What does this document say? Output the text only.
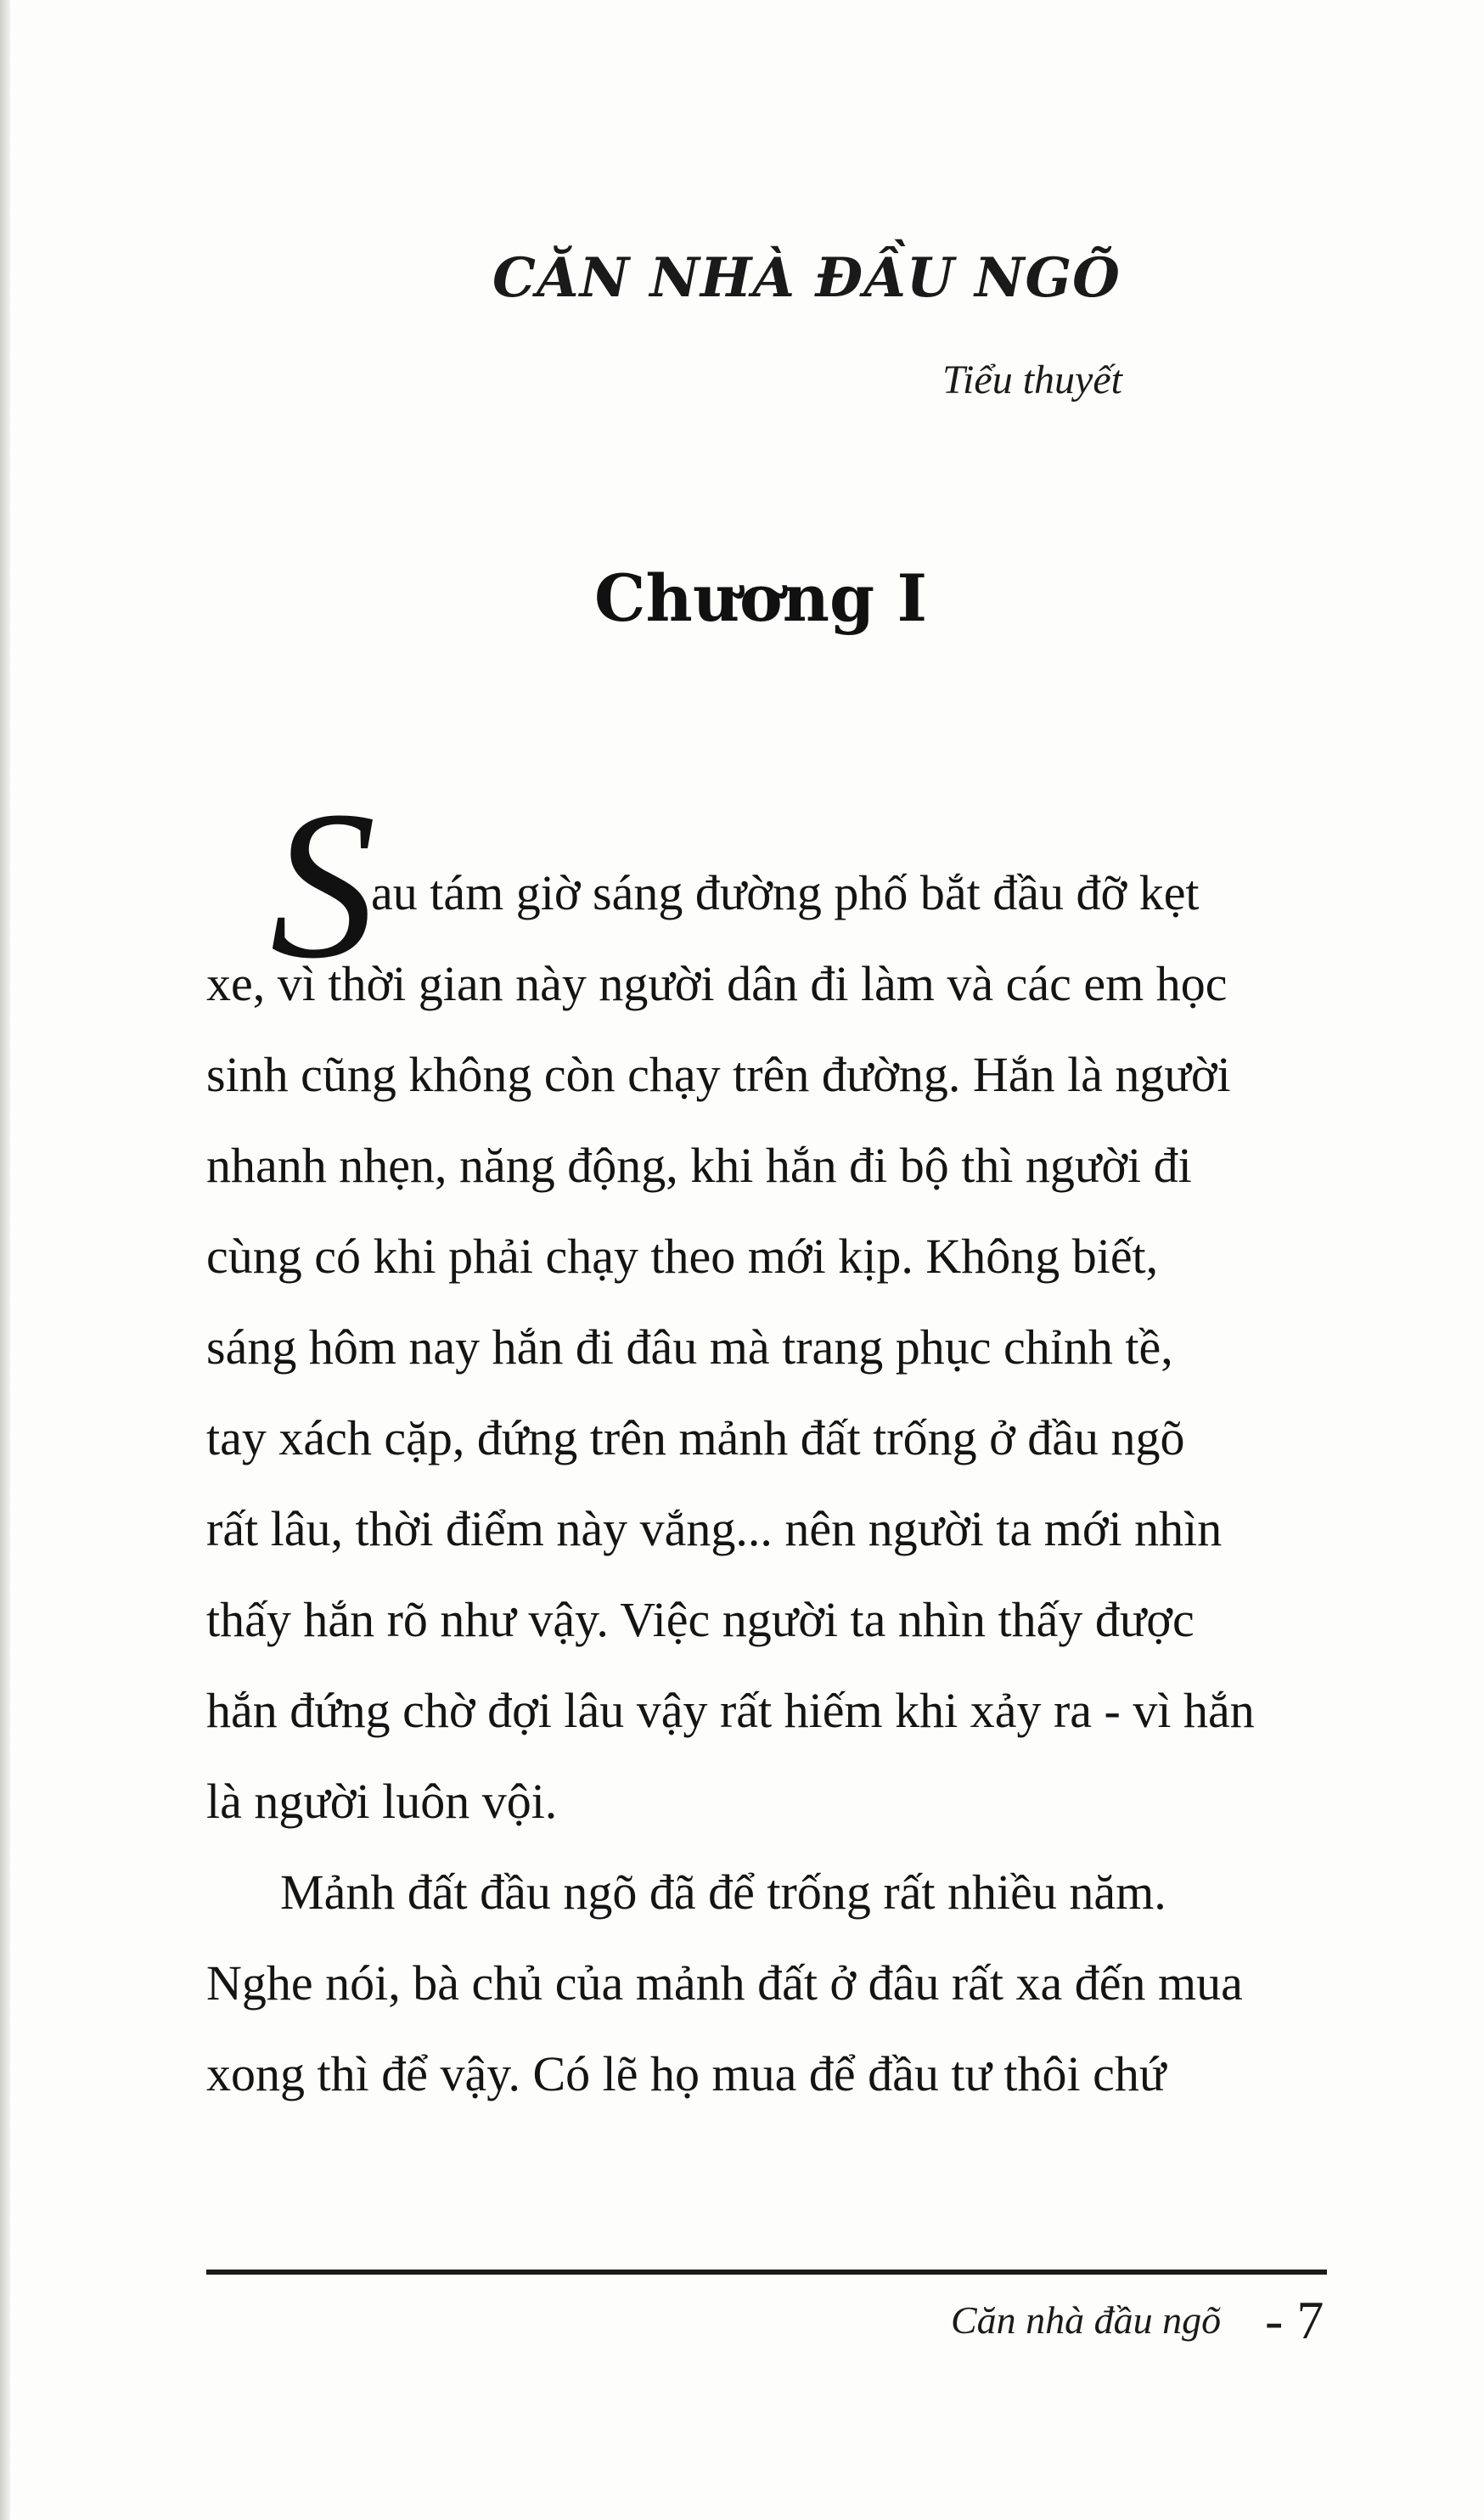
CĂN NHÀ ĐẦU NGÕ
Tiểu thuyết
Chương I
S
au tám giờ sáng đường phố bắt đầu đỡ kẹt
xe, vì thời gian này người dân đi làm và các em học
sinh cũng không còn chạy trên đường. Hắn là người
nhanh nhẹn, năng động, khi hắn đi bộ thì người đi
cùng có khi phải chạy theo mới kịp. Không biết,
sáng hôm nay hắn đi đâu mà trang phục chỉnh tề,
tay xách cặp, đứng trên mảnh đất trống ở đầu ngõ
rất lâu, thời điểm này vắng... nên người ta mới nhìn
thấy hắn rõ như vậy. Việc người ta nhìn thấy được
hắn đứng chờ đợi lâu vậy rất hiếm khi xảy ra - vì hắn
là người luôn vội.
Mảnh đất đầu ngõ đã để trống rất nhiều năm.
Nghe nói, bà chủ của mảnh đất ở đâu rất xa đến mua
xong thì để vậy. Có lẽ họ mua để đầu tư thôi chứ
Căn nhà đầu ngõ - 7
